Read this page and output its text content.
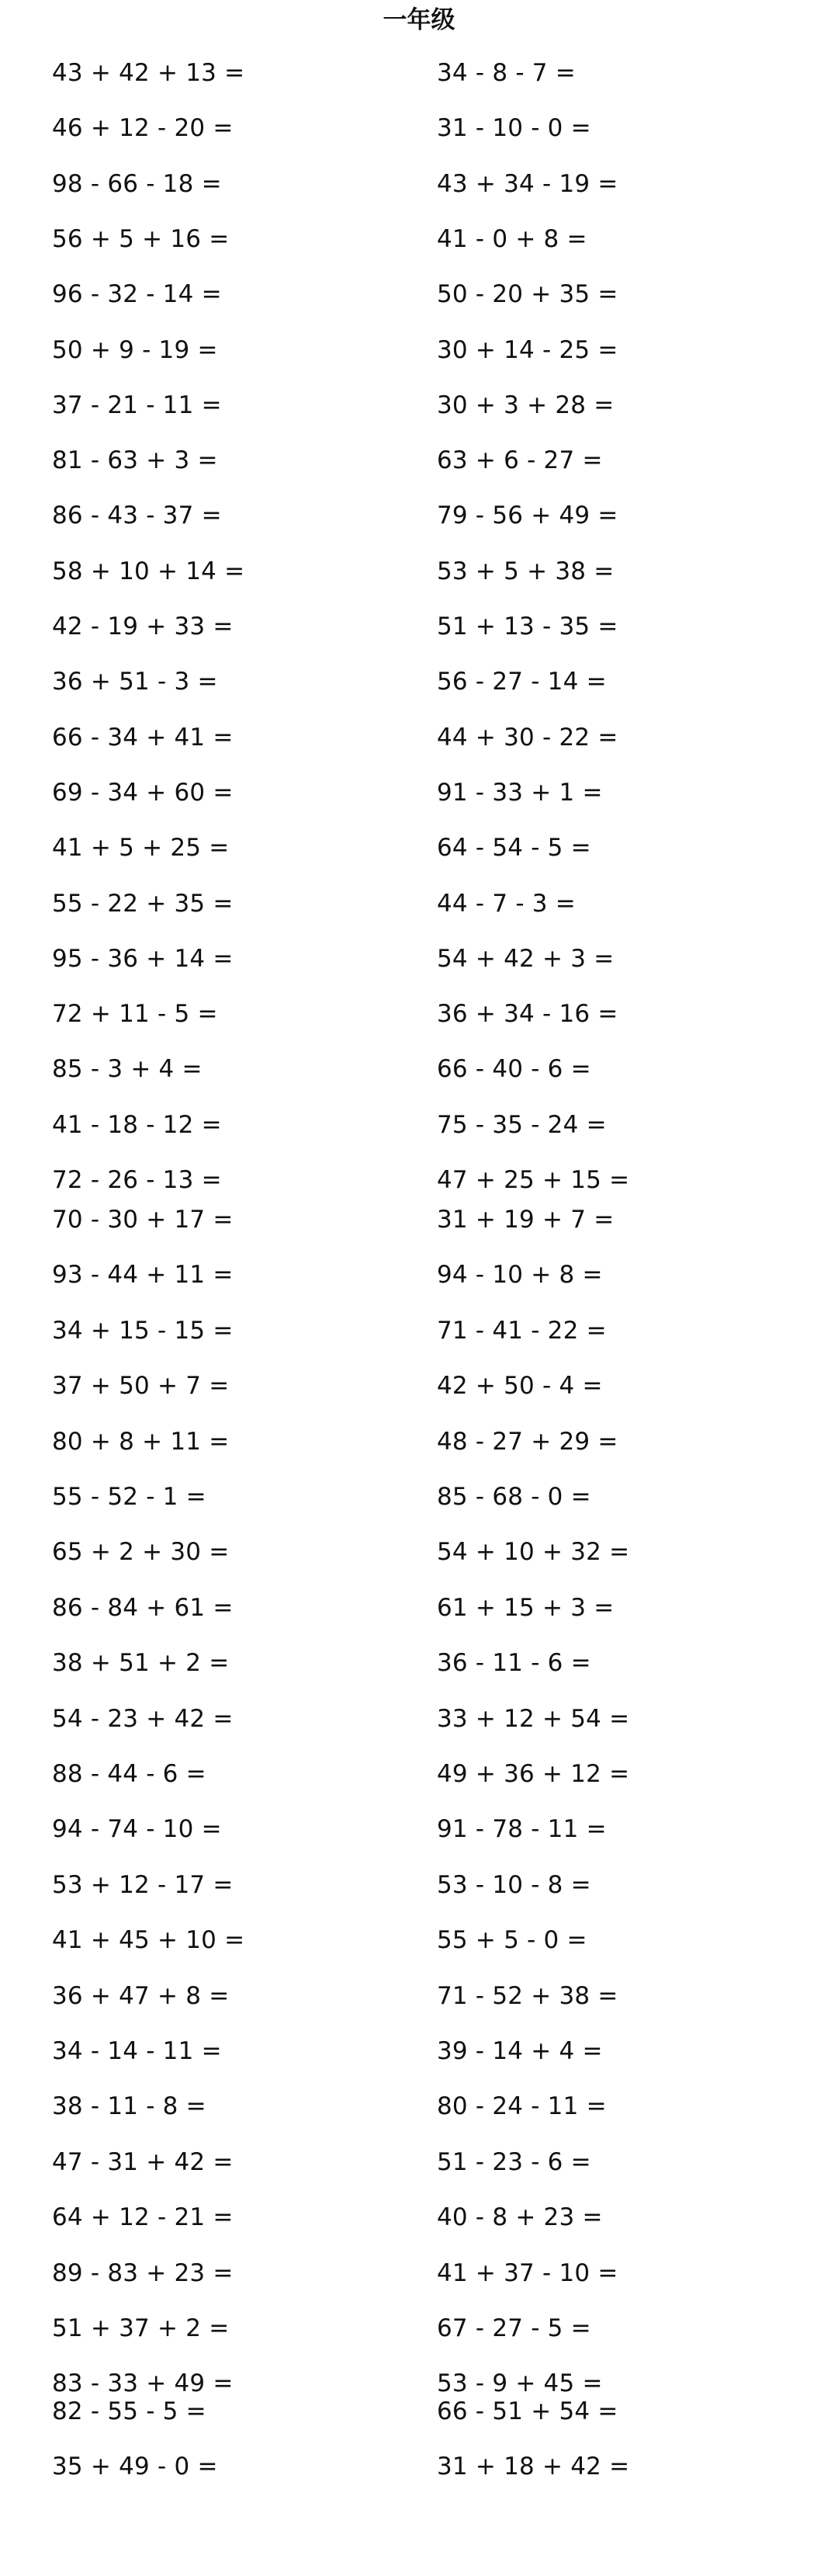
一年级
43 + 42 + 13 =	34 - 8 - 7 =
46 + 12 - 20 =	31 - 10 - 0 =
98 - 66 - 18 =	43 + 34 - 19 =
56 + 5 + 16 =	41 - 0 + 8 =
96 - 32 - 14 =	50 - 20 + 35 =
50 + 9 - 19 =	30 + 14 - 25 =
37 - 21 - 11 =	30 + 3 + 28 =
81 - 63 + 3 =	63 + 6 - 27 =
86 - 43 - 37 =	79 - 56 + 49 =
58 + 10 + 14 =	53 + 5 + 38 =
42 - 19 + 33 =	51 + 13 - 35 =
36 + 51 - 3 =	56 - 27 - 14 =
66 - 34 + 41 =	44 + 30 - 22 =
69 - 34 + 60 =	91 - 33 + 1 =
41 + 5 + 25 =	64 - 54 - 5 =
55 - 22 + 35 =	44 - 7 - 3 =
95 - 36 + 14 =	54 + 42 + 3 =
72 + 11 - 5 =	36 + 34 - 16 =
85 - 3 + 4 =	66 - 40 - 6 =
41 - 18 - 12 =	75 - 35 - 24 =
72 - 26 - 13 =	47 + 25 + 15 =
70 - 30 + 17 =	31 + 19 + 7 =
93 - 44 + 11 =	94 - 10 + 8 =
34 + 15 - 15 =	71 - 41 - 22 =
37 + 50 + 7 =	42 + 50 - 4 =
80 + 8 + 11 =	48 - 27 + 29 =
55 - 52 - 1 =	85 - 68 - 0 =
65 + 2 + 30 =	54 + 10 + 32 =
86 - 84 + 61 =	61 + 15 + 3 =
38 + 51 + 2 =	36 - 11 - 6 =
54 - 23 + 42 =	33 + 12 + 54 =
88 - 44 - 6 =	49 + 36 + 12 =
94 - 74 - 10 =	91 - 78 - 11 =
53 + 12 - 17 =	53 - 10 - 8 =
41 + 45 + 10 =	55 + 5 - 0 =
36 + 47 + 8 =	71 - 52 + 38 =
34 - 14 - 11 =	39 - 14 + 4 =
38 - 11 - 8 =	80 - 24 - 11 =
47 - 31 + 42 =	51 - 23 - 6 =
64 + 12 - 21 =	40 - 8 + 23 =
89 - 83 + 23 =	41 + 37 - 10 =
51 + 37 + 2 =	67 - 27 - 5 =
83 - 33 + 49 =	53 - 9 + 45 =
82 - 55 - 5 =	66 - 51 + 54 =
35 + 49 - 0 =	31 + 18 + 42 =
